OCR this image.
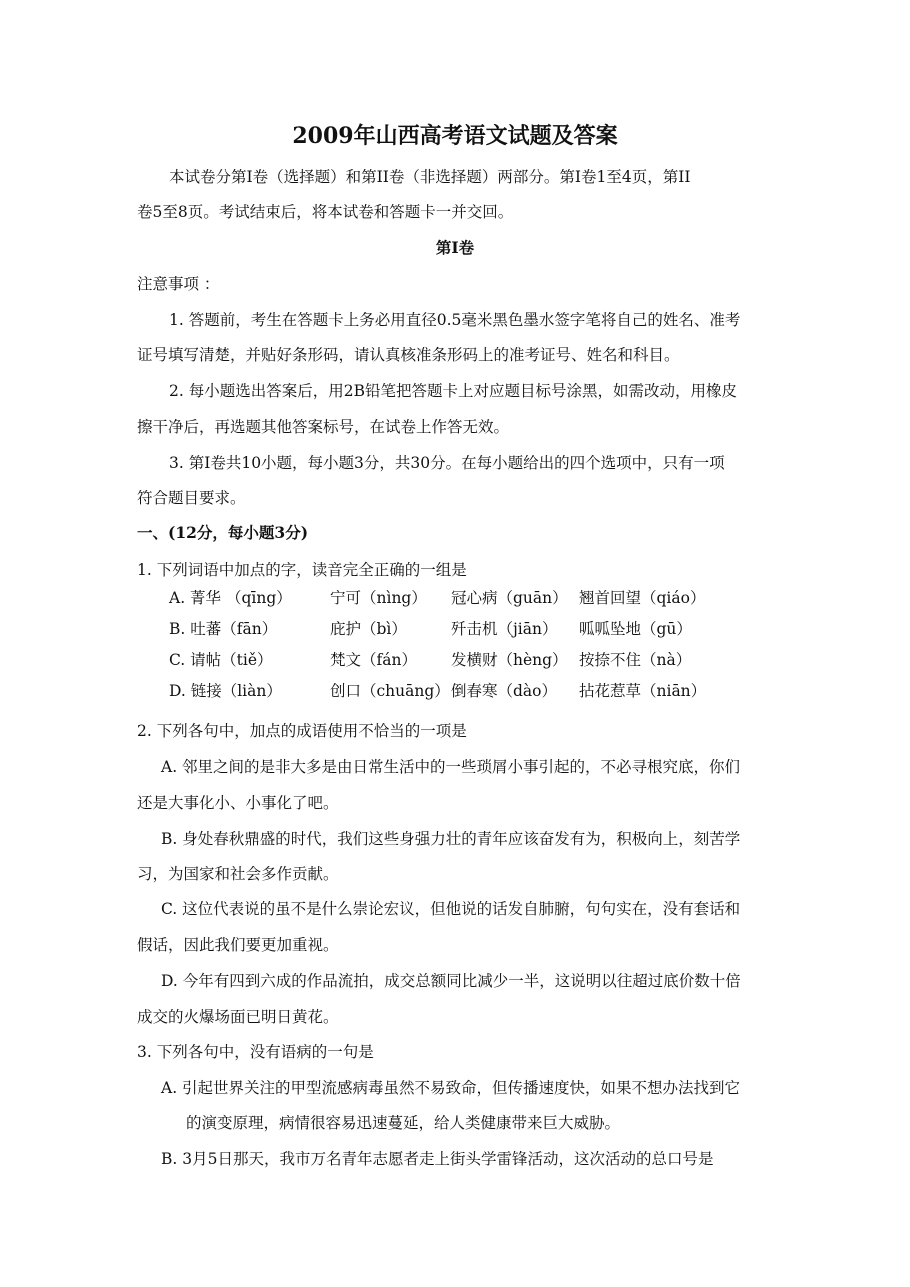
2009年山西高考语文试题及答案
本试卷分第Ⅰ卷（选择题）和第II卷（非选择题）两部分。第Ⅰ卷1至4页，第II
卷5至8页。考试结束后，将本试卷和答题卡一并交回。
第Ⅰ卷
注意事项 ：
1. 答题前，考生在答题卡上务必用直径0.5毫米黑色墨水签字笔将自己的姓名、准考
证号填写清楚，并贴好条形码，请认真核准条形码上的准考证号、姓名和科目。
2. 每小题选出答案后，用2B铅笔把答题卡上对应题目标号涂黑，如需改动，用橡皮
擦干净后，再选题其他答案标号，在试卷上作答无效。
3. 第Ⅰ卷共10小题，每小题3分，共30分。在每小题给出的四个选项中，只有一项
符合题目要求。
一、(12分，每小题3分)
1. 下列词语中加点的字，读音完全正确的一组是
A. 菁华 （qīng） 宁可（nìng） 冠心病（guān） 翘首回望（qiáo）
B. 吐蕃（fān）	庇护（bì）	歼击机（jiān） 呱呱坠地（gū）
C. 请帖（tiě）	梵文（fán） 发横财（hèng） 按捺不住（nà）
D. 链接（liàn）	创口（chuāng） 倒春寒（dào） 拈花惹草（niān）
2. 下列各句中，加点的成语使用不恰当的一项是
A. 邻里之间的是非大多是由日常生活中的一些琐屑小事引起的，不必寻根究底，你们
还是大事化小、小事化了吧。
B. 身处春秋鼎盛的时代，我们这些身强力壮的青年应该奋发有为，积极向上，刻苦学
习，为国家和社会多作贡献。
C. 这位代表说的虽不是什么崇论宏议，但他说的话发自肺腑，句句实在，没有套话和
假话，因此我们要更加重视。
D. 今年有四到六成的作品流拍，成交总额同比减少一半，这说明以往超过底价数十倍
成交的火爆场面已明日黄花。
3. 下列各句中，没有语病的一句是
A. 引起世界关注的甲型流感病毒虽然不易致命，但传播速度快，如果不想办法找到它
的演变原理，病情很容易迅速蔓延，给人类健康带来巨大威胁。
B. 3月5日那天，我市万名青年志愿者走上街头学雷锋活动，这次活动的总口号是
